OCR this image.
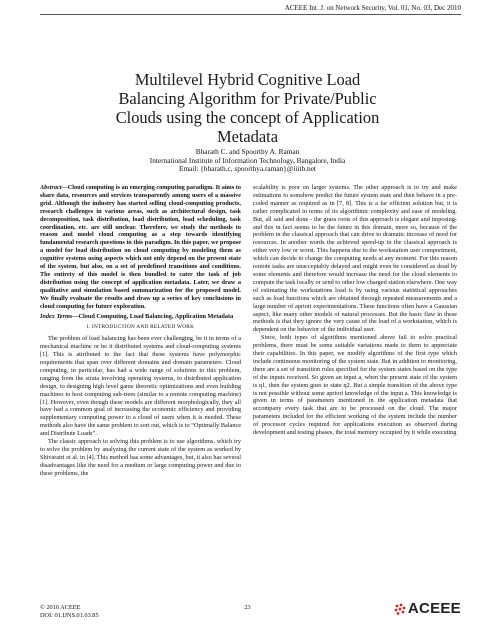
ACEEE Int. J. on Network Security, Vol. 01, No. 03, Dec 2010
Multilevel Hybrid Cognitive Load
Balancing Algorithm for Private/Public
Clouds using the concept of Application
Metadata
Bharath C. and Spoorthy A. Raman
International Institute of Information Technology, Bangalore, India
Email: {bharath.c, spoorthya.raman}@iiitb.net

Abstract—Cloud computing is an emerging computing paradigm. It aims to share data, resources and services transparently among users of a massive grid. Although the industry has started selling cloud-computing products, research challenges in various areas, such as architectural design, task decomposition, task distribution, load distribution, load scheduling, task coordination, etc. are still unclear. Therefore, we study the methods to reason and model cloud computing as a step towards identifying fundamental research questions in this paradigm. In this paper, we propose a model for load distribution on cloud computing by modeling them as cognitive systems using aspects which not only depend on the present state of the system, but also, on a set of predefined transitions and conditions. The entirety of this model is then bundled to cater the task of job distribution using the concept of application metadata. Later, we draw a qualitative and simulation based summarization for the proposed model. We finally evaluate the results and draw up a series of key conclusions in cloud computing for future exploration.

Index Terms—Cloud Computing, Load Balancing, Application Metadata

I. INTRODUCTION AND RELATED WORK

The problem of load balancing has been ever challenging, be it in terms of a mechanical machine or be it distributed systems and cloud-computing systems [1]. This is attributed to the fact that these systems have polymorphic requirements that span over different domains and domain parameters. Cloud computing, in particular, has had a wide range of solutions to this problem, ranging from the strata involving operating systems, to distributed application design, to designing high level game theoretic optimizations and even building machines to host computing sub-trees (similar to a remote computing machine) [1]. However, even though these models are different morphologically, they all have had a common goal of increasing the economic efficiency and providing supplementary computing power to a cloud of users when it is needed. These methods also have the same problem to sort out, which is to “Optimally Balance and Distribute Loads”.

The classic approach to solving this problem is to use algorithms, which try to solve the problem by analyzing the current state of the system as worked by Shivaratri et al. in [4]. This method has some advantages, but, it also has several disadvantages like the need for a medium or large computing power and due to these problems, the

scalability is poor on larger systems. The other approach is to try and make estimations to somehow predict the future system state and then behave in a pre-coded manner as required as in [7, 8]. This is a far efficient solution but, it is rather complicated in terms of its algorithmic complexity and ease of modeling. But, all said and done - the grass roots of this approach is elegant and imposing- and this in fact seems to be the future in this domain, more so, because of the problem in the classical approach that can drive to dramatic increase of need for resources. In another words the achieved speed-up in the classical approach is either very low or worst. This happens due to the workstation user comportment, which can decide to change the computing needs at any moment. For this reason remote tasks are unacceptably delayed and might even be considered as dead by some elements and therefore would increase the need for the cloud elements to compute the task locally or send to other low charged station elsewhere. One way of estimating the workstations load is by using various statistical approaches such as load functions which are obtained through repeated measurements and a large number of apriori experimentations. These functions often have a Gaussian aspect, like many other models of natural processes. But the basic flaw in these methods is that they ignore the very cause of the load of a workstation, which is dependent on the behavior of the individual user.

Since, both types of algorithms mentioned above fail to solve practical problems, there must be some suitable variations made to them to appreciate their capabilities. In this paper, we modify algorithms of the first type which include continuous monitoring of the system state. But in addition to monitoring, there are a set of transition rules specified for the system states based on the type of the inputs received. So given an input a, when the present state of the system is q1, then the system goes to state q2. But a simple transition of the above type is not possible without some apriori knowledge of the input a. This knowledge is given in terms of parameters mentioned in the application metadata that accompany every task that are to be processed on the cloud. The major parameters included for the efficient working of the system include the number of processor cycles required for applications execution as observed during development and testing phases, the total memory occupied by it while executing

© 2010 ACEEE
DOI: 01.IJNS.01.03.85
23	ACEEE
